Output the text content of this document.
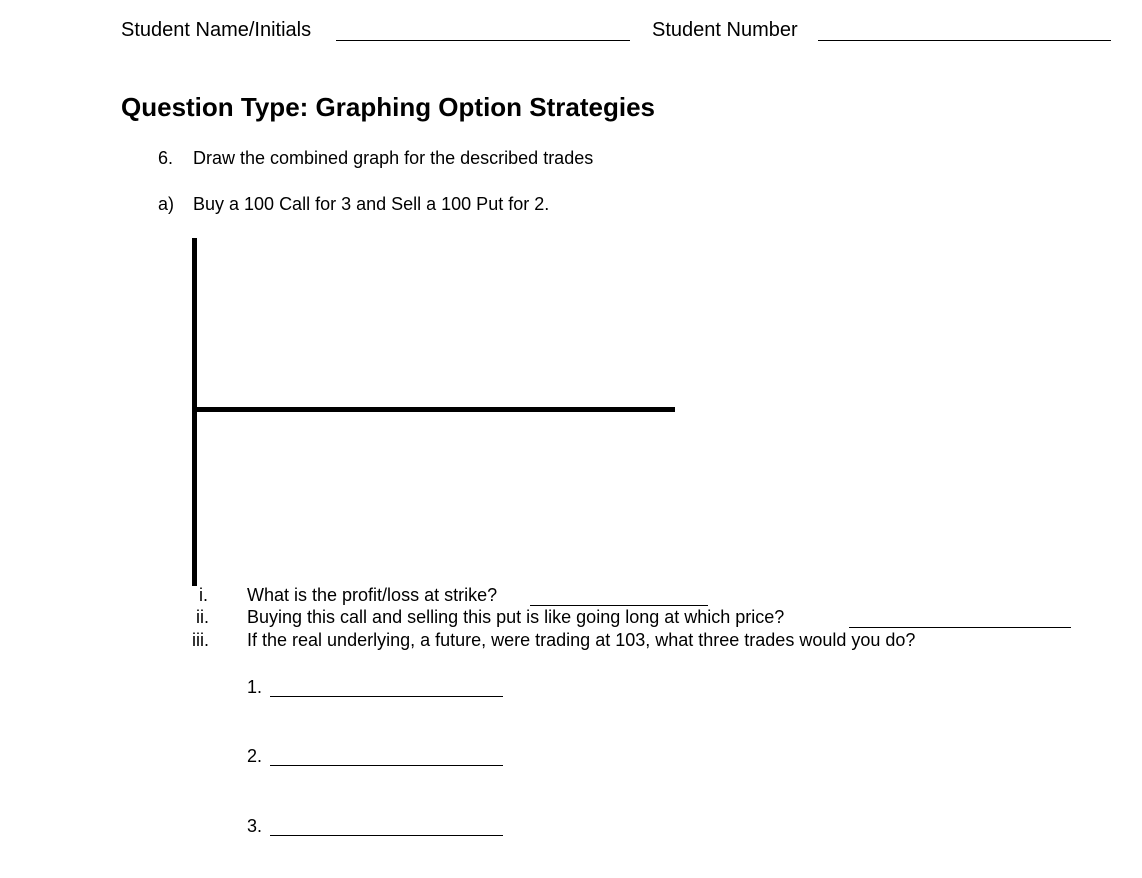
Student Name/Initials	Student Number
Question Type: Graphing Option Strategies
6. Draw the combined graph for the described trades
a) Buy a 100 Call for 3 and Sell a 100 Put for 2.
i. What is the profit/loss at strike?
ii. Buying this call and selling this put is like going long at which price?
iii. If the real underlying, a future, were trading at 103, what three trades would you do?
1.
2.
3.
